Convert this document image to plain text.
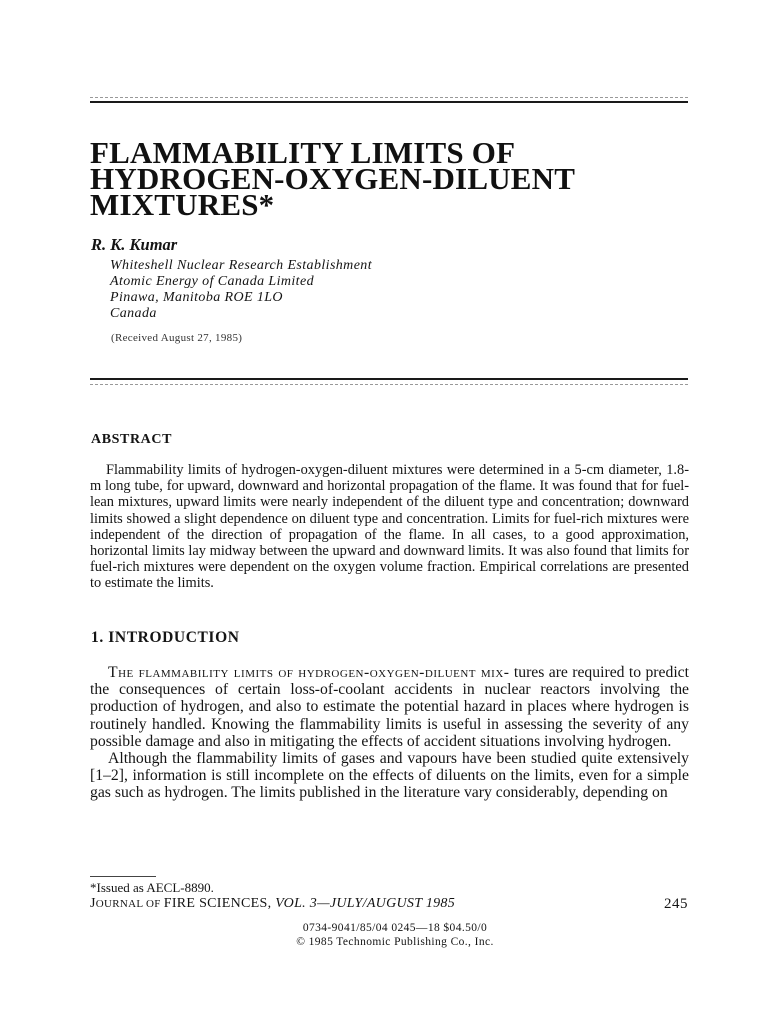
FLAMMABILITY LIMITS OF
HYDROGEN-OXYGEN-DILUENT
MIXTURES*
R. K. Kumar
Whiteshell Nuclear Research Establishment
Atomic Energy of Canada Limited
Pinawa, Manitoba ROE 1LO
Canada
(Received August 27, 1985)
ABSTRACT

Flammability limits of hydrogen-oxygen-diluent mixtures were determined in a 5-cm diameter, 1.8-m long tube, for upward, downward and horizontal propagation of the flame. It was found that for fuel-lean mixtures, upward limits were nearly independent of the diluent type and concentration; downward limits showed a slight dependence on diluent type and concentration. Limits for fuel-rich mixtures were independent of the direction of propagation of the flame. In all cases, to a good approximation, horizontal limits lay midway between the upward and downward limits. It was also found that limits for fuel-rich mixtures were dependent on the oxygen volume fraction. Empirical correlations are presented to estimate the limits.

1. INTRODUCTION

The flammability limits of hydrogen-oxygen-diluent mix- tures are required to predict the consequences of certain loss-of-coolant accidents in nuclear reactors involving the production of hydrogen, and also to estimate the potential hazard in places where hydrogen is routinely handled. Knowing the flammability limits is useful in assessing the severity of any possible damage and also in mitigating the effects of accident situations involving hydrogen.

Although the flammability limits of gases and vapours have been studied quite extensively [1–2], information is still incomplete on the effects of diluents on the limits, even for a simple gas such as hydrogen. The limits published in the literature vary considerably, depending on

*Issued as AECL-8890.
JOURNAL OF FIRE SCIENCES, VOL. 3—JULY/AUGUST 1985	245
0734-9041/85/04 0245—18 $04.50/0
© 1985 Technomic Publishing Co., Inc.
